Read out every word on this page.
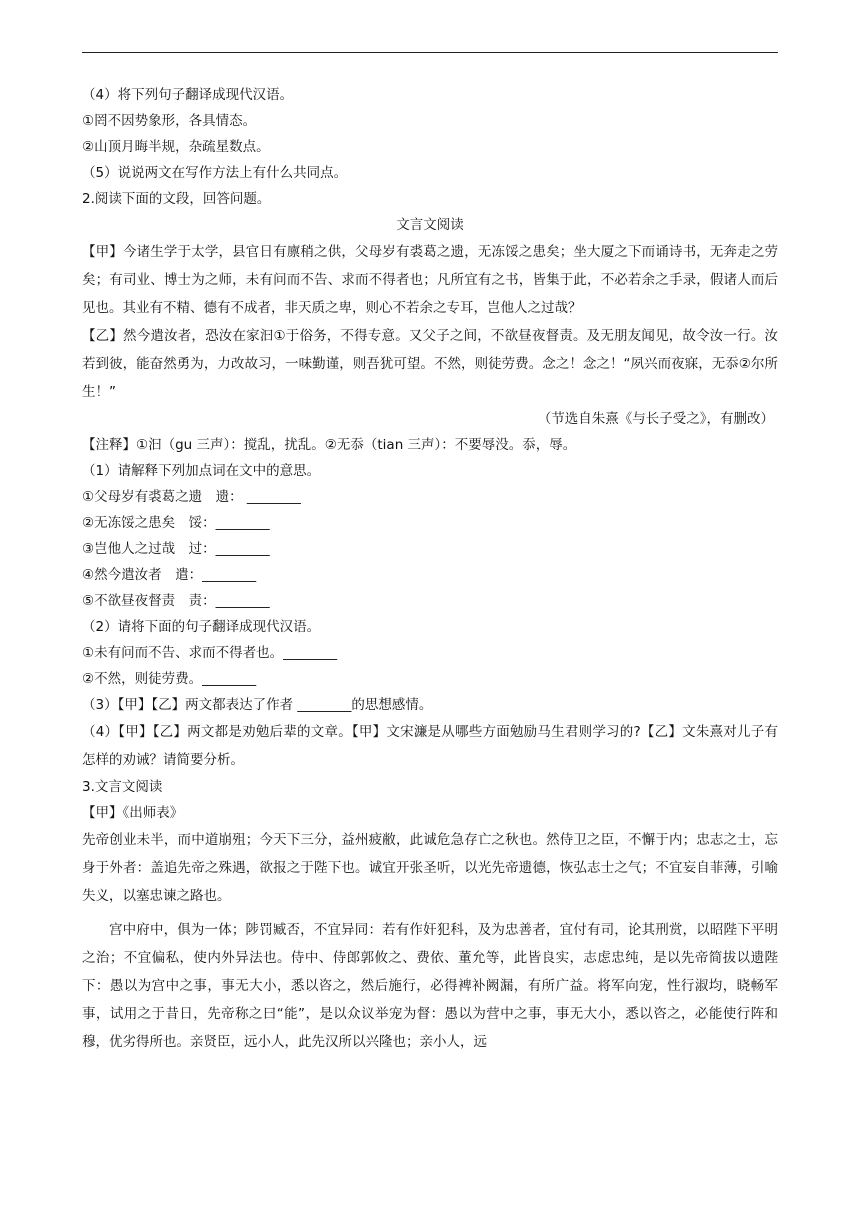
（4）将下列句子翻译成现代汉语。
①罔不因势象形，各具情态。
②山顶月晦半规，杂疏星数点。
（5）说说两文在写作方法上有什么共同点。
2.阅读下面的文段，回答问题。
文言文阅读
【甲】今诸生学于太学，县官日有廪稍之供，父母岁有裘葛之遗，无冻馁之患矣；坐大厦之下而诵诗书，无奔走之劳矣；有司业、博士为之师，未有问而不告、求而不得者也；凡所宜有之书，皆集于此，不必若余之手录，假诸人而后见也。其业有不精、德有不成者，非天质之卑，则心不若余之专耳，岂他人之过哉？
【乙】然今遣汝者，恐汝在家汩①于俗务，不得专意。又父子之间，不欲昼夜督责。及无朋友闻见，故令汝一行。汝若到彼，能奋然勇为，力改故习，一味勤谨，则吾犹可望。不然，则徒劳费。念之！念之！“夙兴而夜寐，无忝②尔所生！”
（节选自朱熹《与长子受之》，有删改）
【注释】①汩（gu 三声）：搅乱，扰乱。②无忝（tian 三声）：不要辱没。忝，辱。
（1）请解释下列加点词在文中的意思。
①父母岁有裘葛之遗　遗： ________
②无冻馁之患矣　馁：________
③岂他人之过哉　过：________
④然今遣汝者　遣：________
⑤不欲昼夜督责　责：________
（2）请将下面的句子翻译成现代汉语。
①未有问而不告、求而不得者也。________
②不然，则徒劳费。________
（3）【甲】【乙】两文都表达了作者 ________的思想感情。
（4）【甲】【乙】两文都是劝勉后辈的文章。【甲】文宋濂是从哪些方面勉励马生君则学习的?【乙】文朱熹对儿子有怎样的劝诫？请简要分析。
3.文言文阅读
【甲】《出师表》
先帝创业未半，而中道崩殂；今天下三分，益州疲敝，此诚危急存亡之秋也。然侍卫之臣，不懈于内；忠志之士，忘身于外者：盖追先帝之殊遇，欲报之于陛下也。诚宜开张圣听，以光先帝遗德，恢弘志士之气；不宜妄自菲薄，引喻失义，以塞忠谏之路也。
宫中府中，俱为一体；陟罚臧否，不宜异同：若有作奸犯科，及为忠善者，宜付有司，论其刑赏，以昭陛下平明之治；不宜偏私，使内外异法也。侍中、侍郎郭攸之、费依、董允等，此皆良实，志虑忠纯，是以先帝简拔以遗陛下：愚以为宫中之事，事无大小，悉以咨之，然后施行，必得裨补阙漏，有所广益。将军向宠，性行淑均，晓畅军事，试用之于昔日，先帝称之曰“能”，是以众议举宠为督：愚以为营中之事，事无大小，悉以咨之，必能使行阵和穆，优劣得所也。亲贤臣，远小人，此先汉所以兴隆也；亲小人，远
